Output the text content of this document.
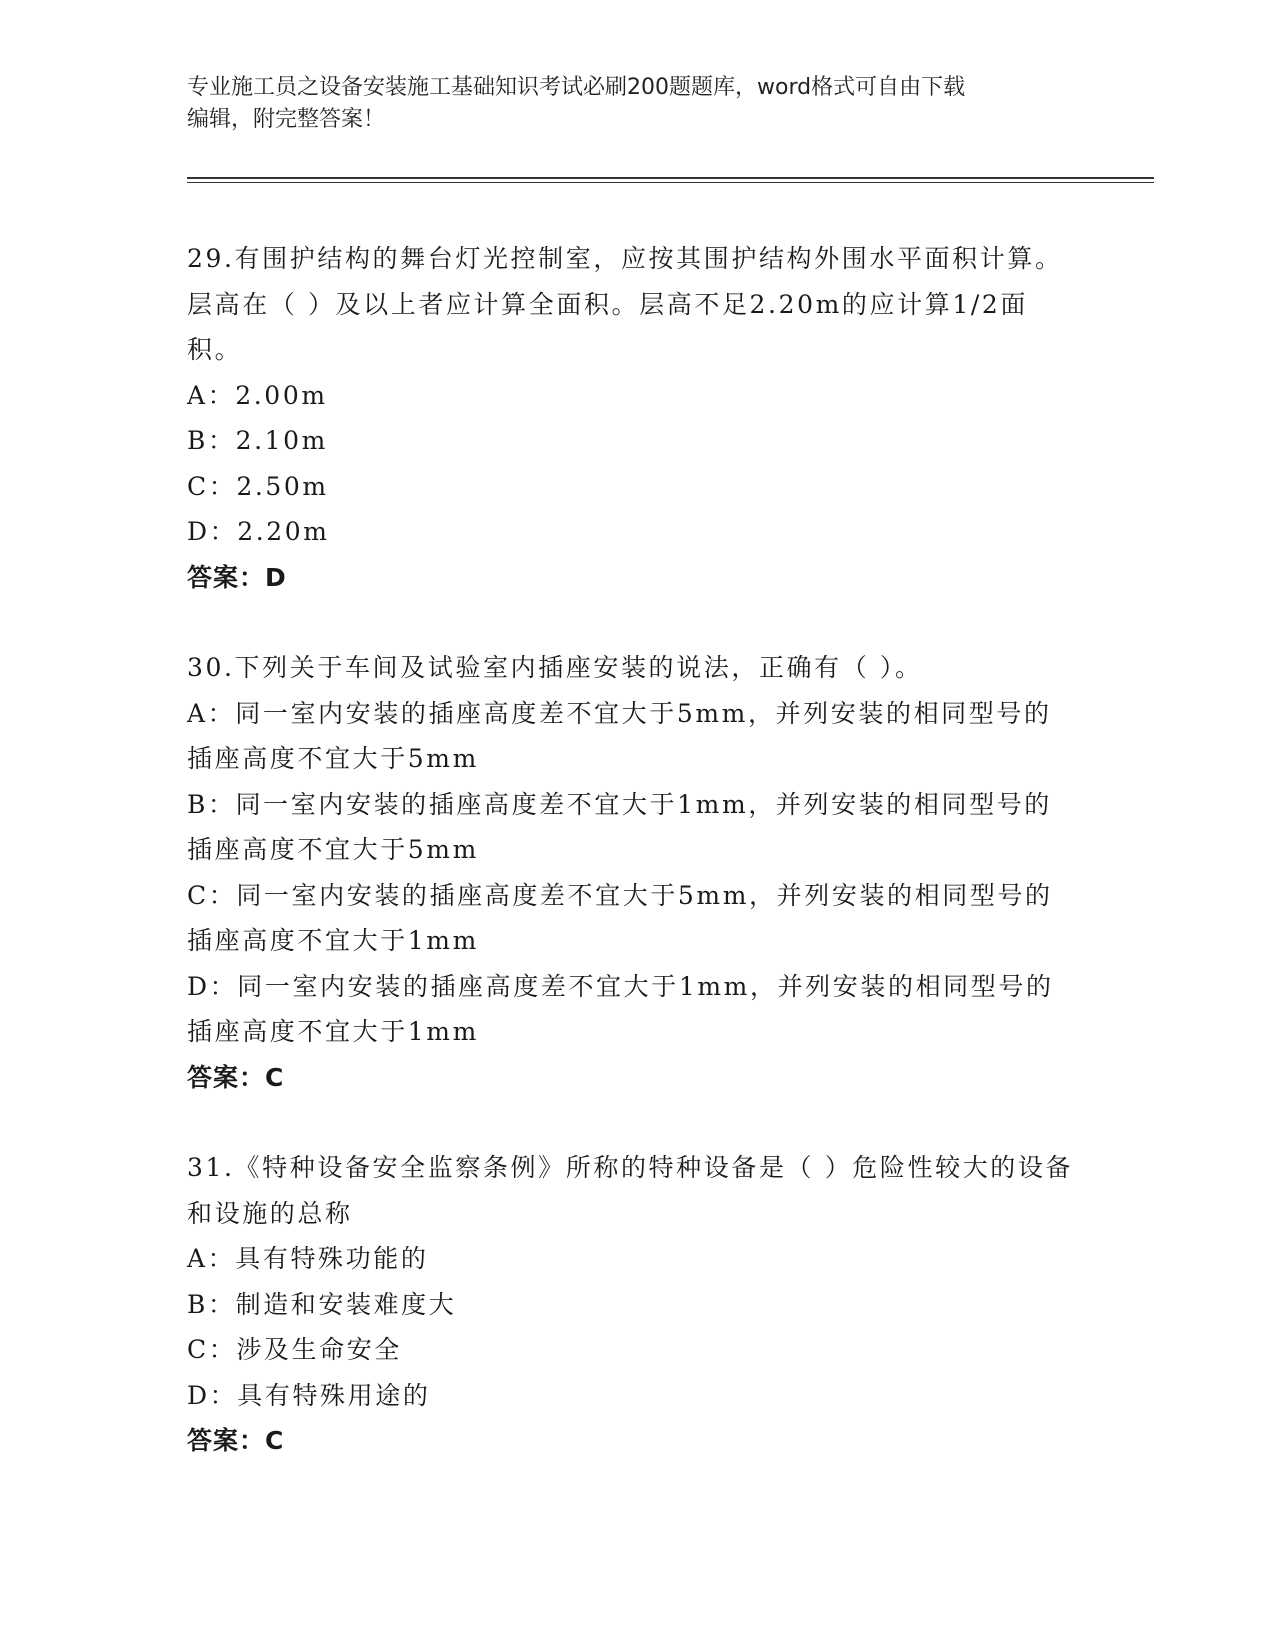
专业施工员之设备安装施工基础知识考试必刷200题题库，word格式可自由下载
编辑，附完整答案！
29.有围护结构的舞台灯光控制室，应按其围护结构外围水平面积计算。层高在（ ）及以上者应计算全面积。层高不足2.20m的应计算1/2面积。
A：2.00m
B：2.10m
C：2.50m
D：2.20m
答案：D
30.下列关于车间及试验室内插座安装的说法，正确有（ ）。
A：同一室内安装的插座高度差不宜大于5mm，并列安装的相同型号的插座高度不宜大于5mm
B：同一室内安装的插座高度差不宜大于1mm，并列安装的相同型号的插座高度不宜大于5mm
C：同一室内安装的插座高度差不宜大于5mm，并列安装的相同型号的插座高度不宜大于1mm
D：同一室内安装的插座高度差不宜大于1mm，并列安装的相同型号的插座高度不宜大于1mm
答案：C
31.《特种设备安全监察条例》所称的特种设备是（ ）危险性较大的设备和设施的总称
A：具有特殊功能的
B：制造和安装难度大
C：涉及生命安全
D：具有特殊用途的
答案：C
